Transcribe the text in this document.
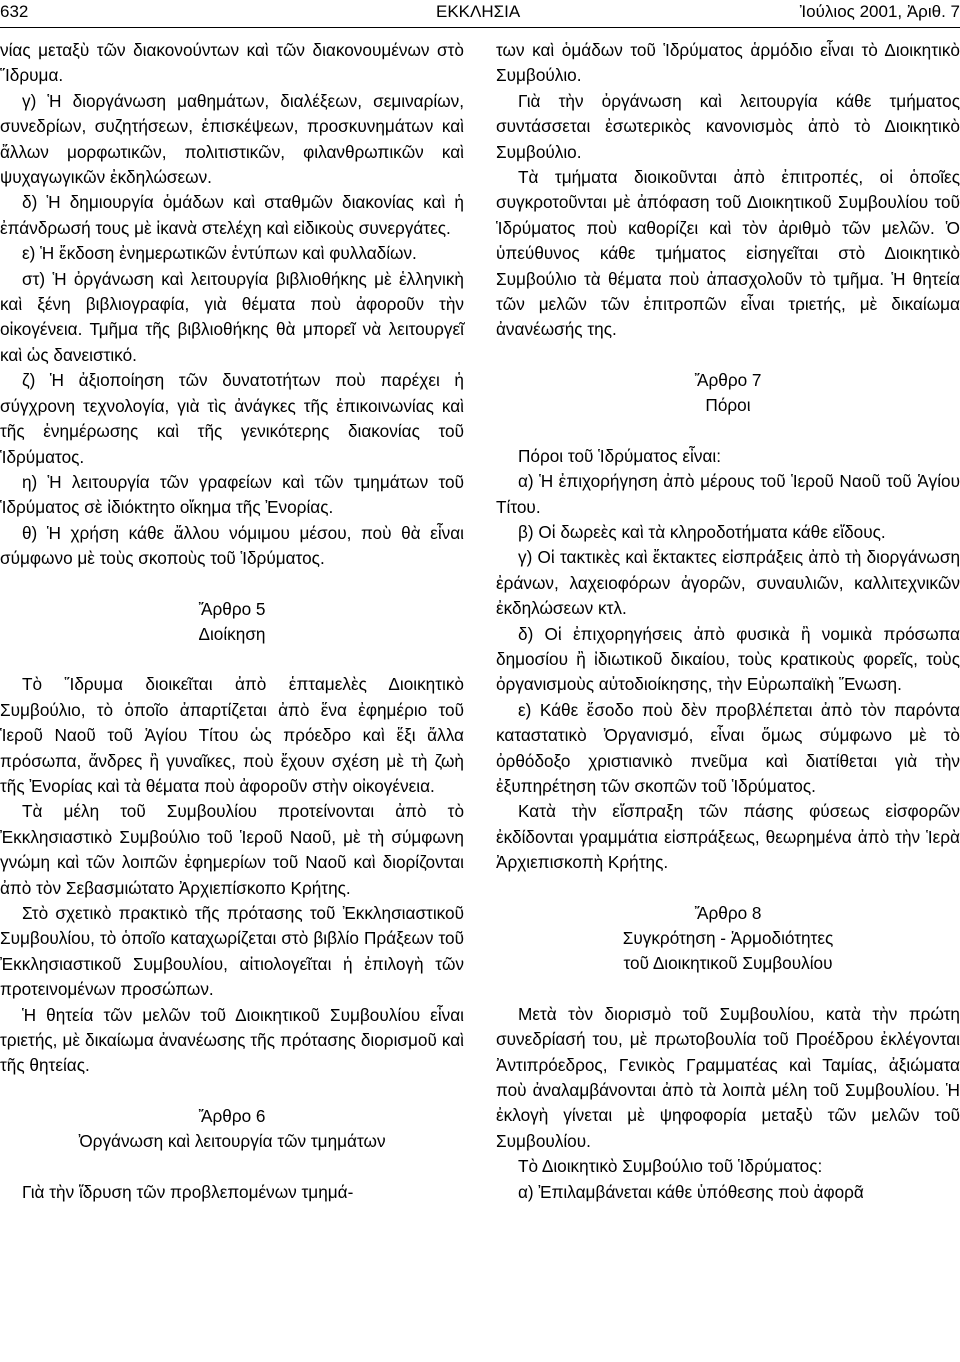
632	ΕΚΚΛΗΣΙΑ	Ἰούλιος 2001, Ἀριθ. 7

νίας μεταξὺ τῶν διακονούντων καὶ τῶν διακονουμένων στὸ Ἵδρυμα.

γ) Ἡ διοργάνωση μαθημάτων, διαλέξεων, σεμιναρίων, συνεδρίων, συζητήσεων, ἐπισκέψεων, προσκυνημάτων καὶ ἄλλων μορφωτικῶν, πολιτιστικῶν, φιλανθρωπικῶν καὶ ψυχαγωγικῶν ἐκδηλώσεων.

δ) Ἡ δημιουργία ὁμάδων καὶ σταθμῶν διακονίας καὶ ἡ ἐπάνδρωσή τους μὲ ἱκανὰ στελέχη καὶ εἰδικοὺς συνεργάτες.

ε) Ἡ ἔκδοση ἐνημερωτικῶν ἐντύπων καὶ φυλλαδίων.

στ) Ἡ ὀργάνωση καὶ λειτουργία βιβλιοθήκης μὲ ἑλληνικὴ καὶ ξένη βιβλιογραφία, γιὰ θέματα ποὺ ἀφοροῦν τὴν οἰκογένεια. Τμῆμα τῆς βιβλιοθήκης θὰ μπορεῖ νὰ λειτουργεῖ καὶ ὡς δανειστικό.

ζ) Ἡ ἀξιοποίηση τῶν δυνατοτήτων ποὺ παρέχει ἡ σύγχρονη τεχνολογία, γιὰ τὶς ἀνάγκες τῆς ἐπικοινωνίας καὶ τῆς ἐνημέρωσης καὶ τῆς γενικότερης διακονίας τοῦ Ἱδρύματος.

η) Ἡ λειτουργία τῶν γραφείων καὶ τῶν τμημάτων τοῦ Ἱδρύματος σὲ ἰδιόκτητο οἴκημα τῆς Ἐνορίας.

θ) Ἡ χρήση κάθε ἄλλου νόμιμου μέσου, ποὺ θὰ εἶναι σύμφωνο μὲ τοὺς σκοποὺς τοῦ Ἱδρύματος.

Ἄρθρο 5
Διοίκηση

Τὸ Ἵδρυμα διοικεῖται ἀπὸ ἑπταμελὲς Διοικητικὸ Συμβούλιο, τὸ ὁποῖο ἀπαρτίζεται ἀπὸ ἕνα ἐφημέριο τοῦ Ἱεροῦ Ναοῦ τοῦ Ἁγίου Τίτου ὡς πρόεδρο καὶ ἕξι ἄλλα πρόσωπα, ἄνδρες ἢ γυναῖκες, ποὺ ἔχουν σχέση μὲ τὴ ζωὴ τῆς Ἐνορίας καὶ τὰ θέματα ποὺ ἀφοροῦν στὴν οἰκογένεια.

Τὰ μέλη τοῦ Συμβουλίου προτείνονται ἀπὸ τὸ Ἐκκλησιαστικὸ Συμβούλιο τοῦ Ἱεροῦ Ναοῦ, μὲ τὴ σύμφωνη γνώμη καὶ τῶν λοιπῶν ἐφημερίων τοῦ Ναοῦ καὶ διορίζονται ἀπὸ τὸν Σεβασμιώτατο Ἀρχιεπίσκοπο Κρήτης.

Στὸ σχετικὸ πρακτικὸ τῆς πρότασης τοῦ Ἐκκλησιαστικοῦ Συμβουλίου, τὸ ὁποῖο καταχωρίζεται στὸ βιβλίο Πράξεων τοῦ Ἐκκλησιαστικοῦ Συμβουλίου, αἰτιολογεῖται ἡ ἐπιλογὴ τῶν προτεινομένων προσώπων.

Ἡ θητεία τῶν μελῶν τοῦ Διοικητικοῦ Συμβουλίου εἶναι τριετής, μὲ δικαίωμα ἀνανέωσης τῆς πρότασης διορισμοῦ καὶ τῆς θητείας.

Ἄρθρο 6
Ὀργάνωση καὶ λειτουργία τῶν τμημάτων

Γιὰ τὴν ἵδρυση τῶν προβλεπομένων τμημά-

των καὶ ὁμάδων τοῦ Ἱδρύματος ἁρμόδιο εἶναι τὸ Διοικητικὸ Συμβούλιο.

Γιὰ τὴν ὀργάνωση καὶ λειτουργία κάθε τμήματος συντάσσεται ἐσωτερικὸς κανονισμὸς ἀπὸ τὸ Διοικητικὸ Συμβούλιο.

Τὰ τμήματα διοικοῦνται ἀπὸ ἐπιτροπές, οἱ ὁποῖες συγκροτοῦνται μὲ ἀπόφαση τοῦ Διοικητικοῦ Συμβουλίου τοῦ Ἱδρύματος ποὺ καθορίζει καὶ τὸν ἀριθμὸ τῶν μελῶν. Ὁ ὑπεύθυνος κάθε τμήματος εἰσηγεῖται στὸ Διοικητικὸ Συμβούλιο τὰ θέματα ποὺ ἀπασχολοῦν τὸ τμῆμα. Ἡ θητεία τῶν μελῶν τῶν ἐπιτροπῶν εἶναι τριετής, μὲ δικαίωμα ἀνανέωσής της.

Ἄρθρο 7
Πόροι

Πόροι τοῦ Ἱδρύματος εἶναι:

α) Ἡ ἐπιχορήγηση ἀπὸ μέρους τοῦ Ἱεροῦ Ναοῦ τοῦ Ἁγίου Τίτου.

β) Οἱ δωρεὲς καὶ τὰ κληροδοτήματα κάθε εἴδους.

γ) Οἱ τακτικὲς καὶ ἔκτακτες εἰσπράξεις ἀπὸ τὴ διοργάνωση ἐράνων, λαχειοφόρων ἀγορῶν, συναυλιῶν, καλλιτεχνικῶν ἐκδηλώσεων κτλ.

δ) Οἱ ἐπιχορηγήσεις ἀπὸ φυσικὰ ἢ νομικὰ πρόσωπα δημοσίου ἢ ἰδιωτικοῦ δικαίου, τοὺς κρατικοὺς φορεῖς, τοὺς ὀργανισμοὺς αὐτοδιοίκησης, τὴν Εὐρωπαϊκὴ Ἕνωση.

ε) Κάθε ἔσοδο ποὺ δὲν προβλέπεται ἀπὸ τὸν παρόντα καταστατικὸ Ὀργανισμό, εἶναι ὅμως σύμφωνο μὲ τὸ ὀρθόδοξο χριστιανικὸ πνεῦμα καὶ διατίθεται γιὰ τὴν ἐξυπηρέτηση τῶν σκοπῶν τοῦ Ἱδρύματος.

Κατὰ τὴν εἴσπραξη τῶν πάσης φύσεως εἰσφορῶν ἐκδίδονται γραμμάτια εἰσπράξεως, θεωρημένα ἀπὸ τὴν Ἱερὰ Ἀρχιεπισκοπὴ Κρήτης.

Ἄρθρο 8
Συγκρότηση - Ἁρμοδιότητες
τοῦ Διοικητικοῦ Συμβουλίου

Μετὰ τὸν διορισμὸ τοῦ Συμβουλίου, κατὰ τὴν πρώτη συνεδρίασή του, μὲ πρωτοβουλία τοῦ Προέδρου ἐκλέγονται Ἀντιπρόεδρος, Γενικὸς Γραμματέας καὶ Ταμίας, ἀξιώματα ποὺ ἀναλαμβάνονται ἀπὸ τὰ λοιπὰ μέλη τοῦ Συμβουλίου. Ἡ ἐκλογὴ γίνεται μὲ ψηφοφορία μεταξὺ τῶν μελῶν τοῦ Συμβουλίου.

Τὸ Διοικητικὸ Συμβούλιο τοῦ Ἱδρύματος:

α) Ἐπιλαμβάνεται κάθε ὑπόθεσης ποὺ ἀφορᾶ
